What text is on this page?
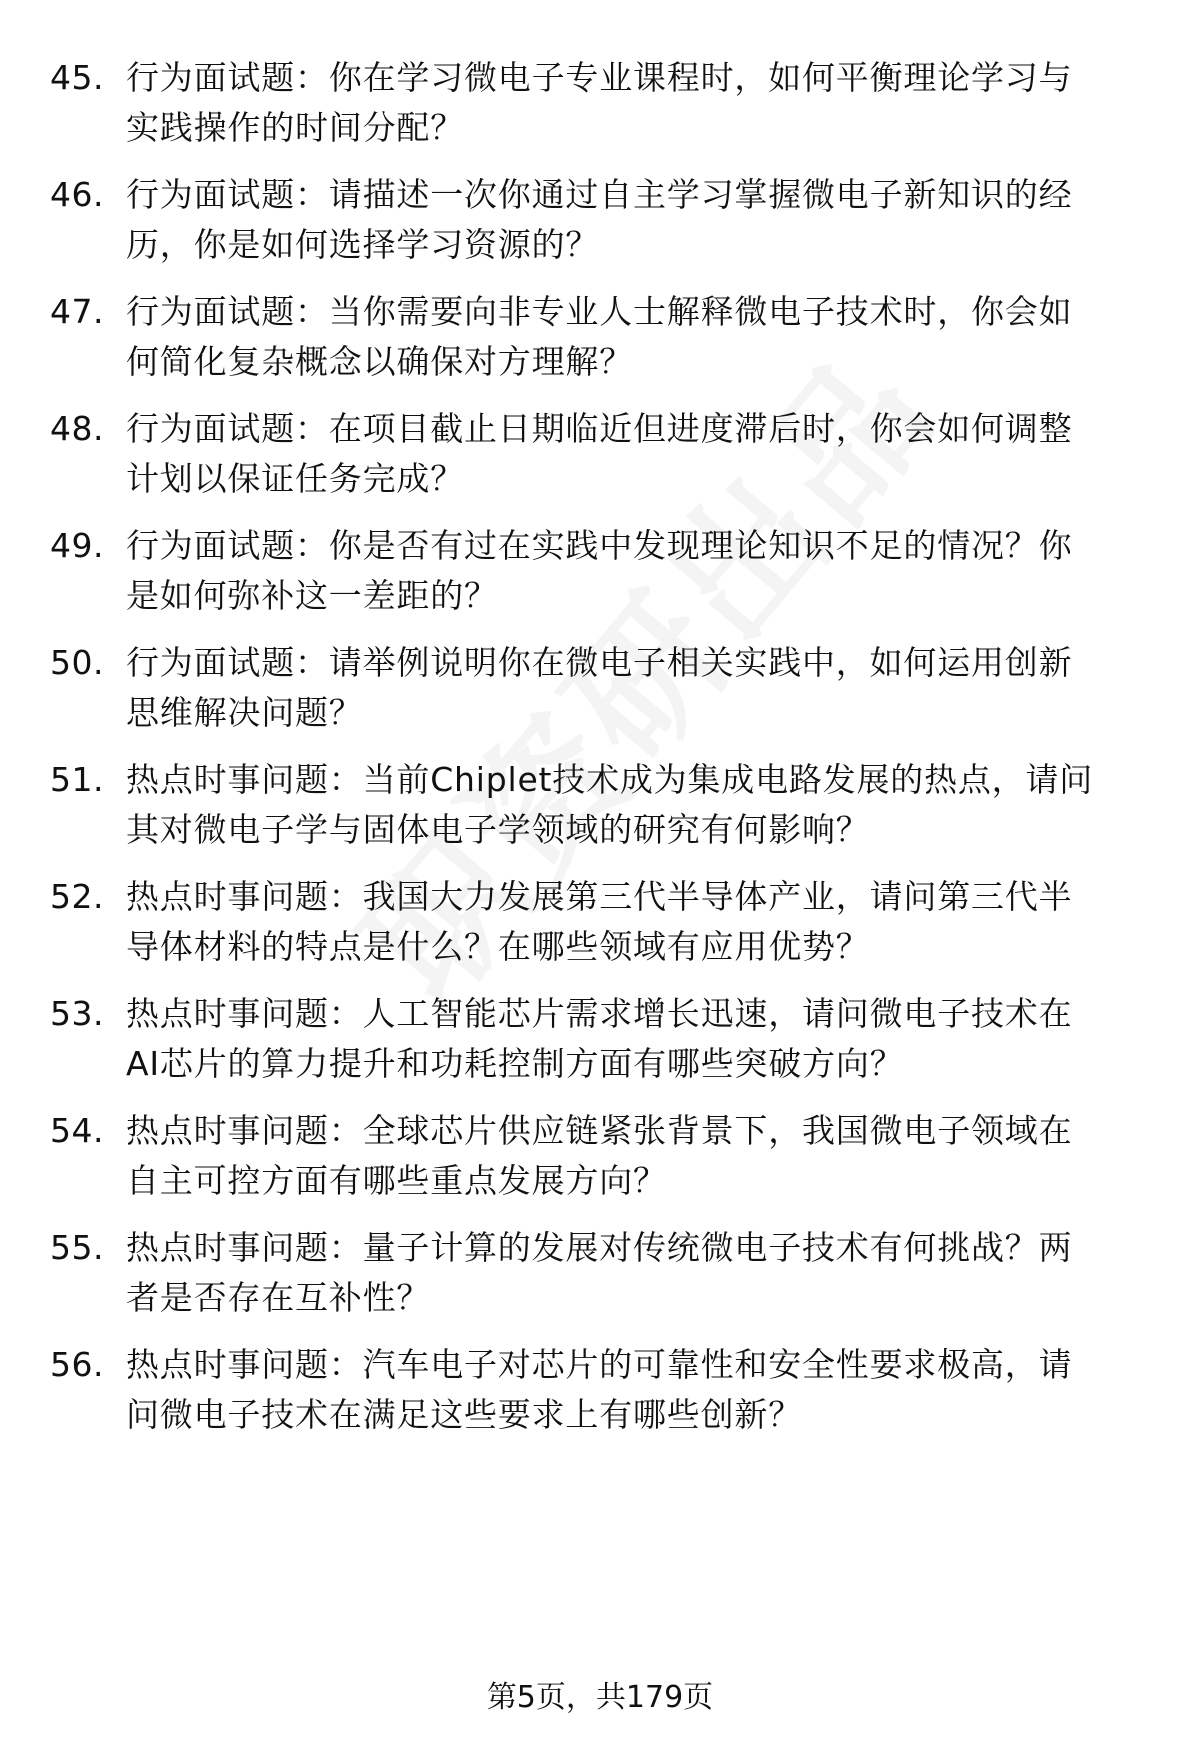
45. 行为面试题：你在学习微电子专业课程时，如何平衡理论学习与
实践操作的时间分配？
46. 行为面试题：请描述一次你通过自主学习掌握微电子新知识的经
历，你是如何选择学习资源的？
47. 行为面试题：当你需要向非专业人士解释微电子技术时，你会如
何简化复杂概念以确保对方理解？
48. 行为面试题：在项目截止日期临近但进度滞后时，你会如何调整
计划以保证任务完成？
49. 行为面试题：你是否有过在实践中发现理论知识不足的情况？你
是如何弥补这一差距的？
50. 行为面试题：请举例说明你在微电子相关实践中，如何运用创新
思维解决问题？
51. 热点时事问题：当前Chiplet技术成为集成电路发展的热点，请问
其对微电子学与固体电子学领域的研究有何影响？
52. 热点时事问题：我国大力发展第三代半导体产业，请问第三代半
导体材料的特点是什么？在哪些领域有应用优势？
53. 热点时事问题：人工智能芯片需求增长迅速，请问微电子技术在
AI芯片的算力提升和功耗控制方面有哪些突破方向？
54. 热点时事问题：全球芯片供应链紧张背景下，我国微电子领域在
自主可控方面有哪些重点发展方向？
55. 热点时事问题：量子计算的发展对传统微电子技术有何挑战？两
者是否存在互补性？
56. 热点时事问题：汽车电子对芯片的可靠性和安全性要求极高，请
问微电子技术在满足这些要求上有哪些创新？
第5页，共179页
